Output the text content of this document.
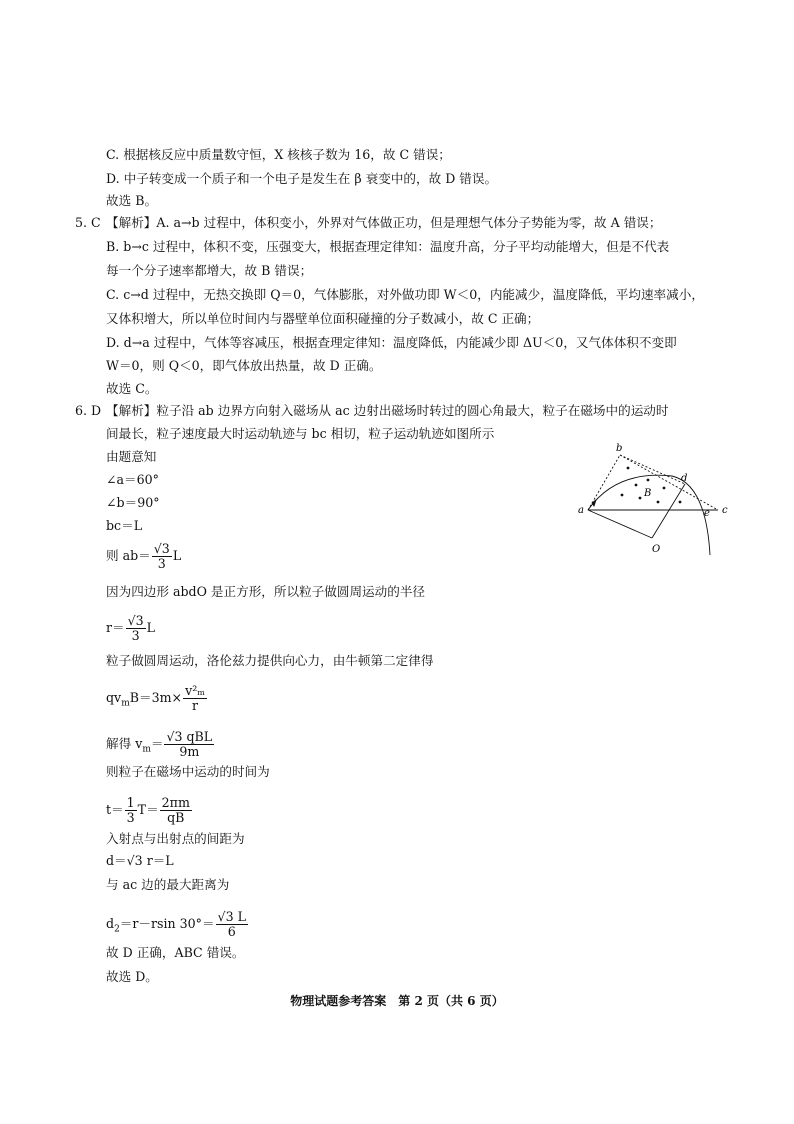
C. 根据核反应中质量数守恒，X 核核子数为 16，故 C 错误；
D. 中子转变成一个质子和一个电子是发生在 β 衰变中的，故 D 错误。
故选 B。
5. C 【解析】A. a→b 过程中，体积变小，外界对气体做正功，但是理想气体分子势能为零，故 A 错误；
B. b→c 过程中，体积不变，压强变大，根据查理定律知：温度升高，分子平均动能增大，但是不代表
每一个分子速率都增大，故 B 错误；
C. c→d 过程中，无热交换即 Q＝0，气体膨胀，对外做功即 W＜0，内能减少，温度降低，平均速率减小，
又体积增大，所以单位时间内与器壁单位面积碰撞的分子数减小，故 C 正确；
D. d→a 过程中，气体等容减压，根据查理定律知：温度降低，内能减少即 ΔU＜0，又气体体积不变即
W＝0，则 Q＜0，即气体放出热量，故 D 正确。
故选 C。
6. D 【解析】粒子沿 ab 边界方向射入磁场从 ac 边射出磁场时转过的圆心角最大，粒子在磁场中的运动时
间最长，粒子速度最大时运动轨迹与 bc 相切，粒子运动轨迹如图所示
由题意知
∠a＝60°
∠b＝90°
bc＝L
则 $ab= \frac{√3}{3}$ L
因为四边形 abdO 是正方形，所以粒子做圆周运动的半径
$r= \frac{√3}{3}$ L
粒子做圆周运动，洛伦兹力提供向心力，由牛顿第二定律得
$qv_mB=3m\times \frac{\text{v²ₘ}}{r}$
解得 $v_m= \frac{\text{√3 qBL}}{9m}$
则粒子在磁场中运动的时间为
$t= \frac{1}{3} T= \frac{2\pi m}{qB}$
入射点与出射点的间距为
d＝√3 r＝L
与 ac 边的最大距离为
$d_2=r-rsin$ $30^\circ= \frac{√3 L}{6}$
故 D 正确，ABC 错误。
故选 D。
b
d
B
a	e c
O
物理试题参考答案　第 2 页（共 6 页）
